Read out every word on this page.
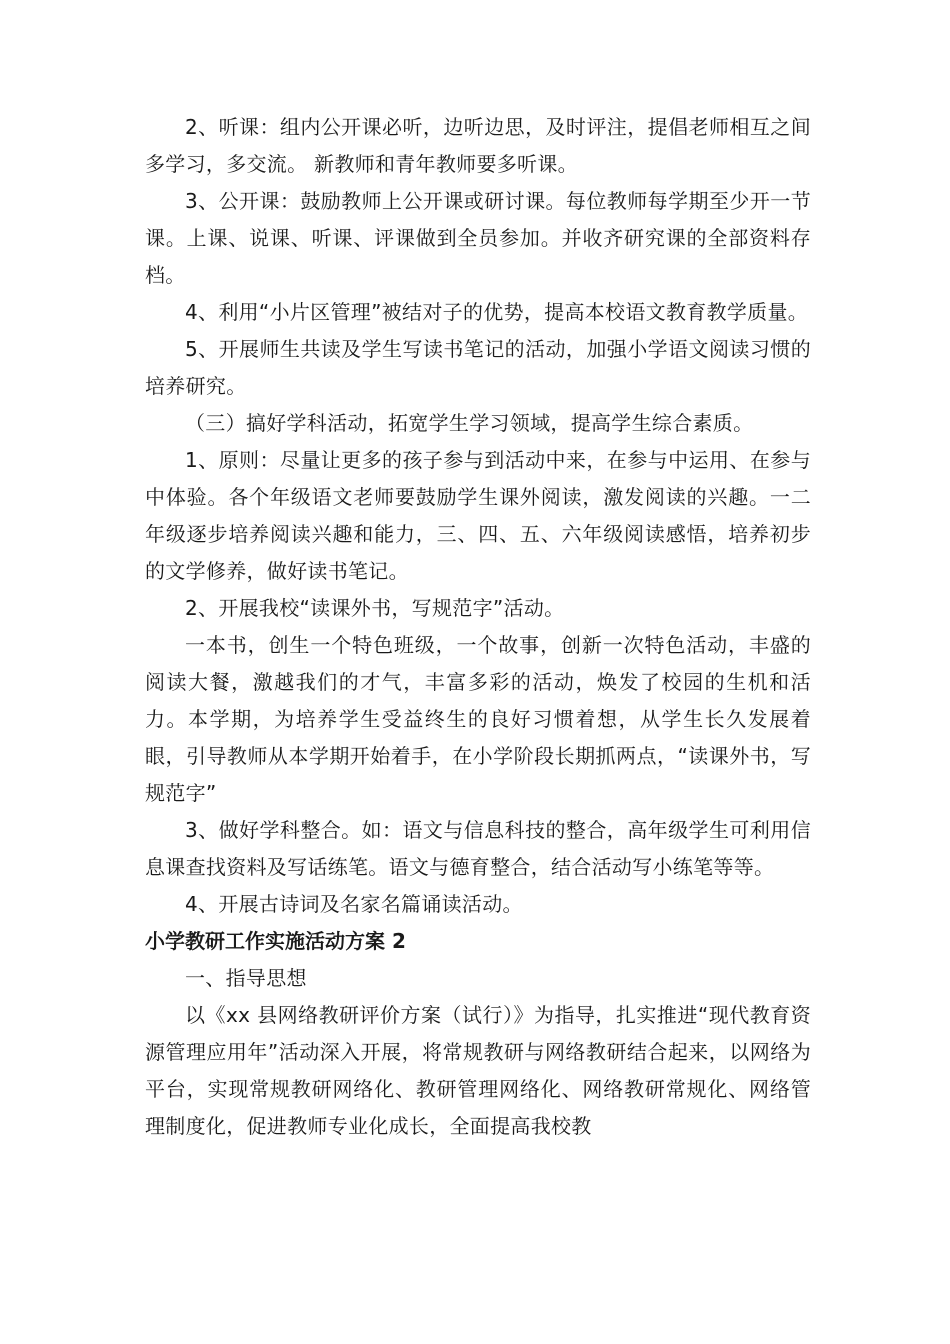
2、听课：组内公开课必听，边听边思，及时评注，提倡老师相互之间多学习，多交流。 新教师和青年教师要多听课。

3、公开课：鼓励教师上公开课或研讨课。每位教师每学期至少开一节课。上课、说课、听课、评课做到全员参加。并收齐研究课的全部资料存档。

4、利用“小片区管理”被结对子的优势，提高本校语文教育教学质量。

5、开展师生共读及学生写读书笔记的活动，加强小学语文阅读习惯的培养研究。

（三）搞好学科活动，拓宽学生学习领域，提高学生综合素质。

1、原则：尽量让更多的孩子参与到活动中来，在参与中运用、在参与中体验。各个年级语文老师要鼓励学生课外阅读，激发阅读的兴趣。一二年级逐步培养阅读兴趣和能力，三、四、五、六年级阅读感悟，培养初步的文学修养，做好读书笔记。

2、开展我校“读课外书，写规范字”活动。

一本书，创生一个特色班级，一个故事，创新一次特色活动，丰盛的阅读大餐，激越我们的才气，丰富多彩的活动，焕发了校园的生机和活力。本学期，为培养学生受益终生的良好习惯着想，从学生长久发展着眼，引导教师从本学期开始着手，在小学阶段长期抓两点，“读课外书，写规范字”

3、做好学科整合。如：语文与信息科技的整合，高年级学生可利用信息课查找资料及写话练笔。语文与德育整合，结合活动写小练笔等等。

4、开展古诗词及名家名篇诵读活动。

小学教研工作实施活动方案 2

一、指导思想

以《xx 县网络教研评价方案（试行）》为指导，扎实推进“现代教育资源管理应用年”活动深入开展，将常规教研与网络教研结合起来，以网络为平台，实现常规教研网络化、教研管理网络化、网络教研常规化、网络管理制度化，促进教师专业化成长，全面提高我校教
